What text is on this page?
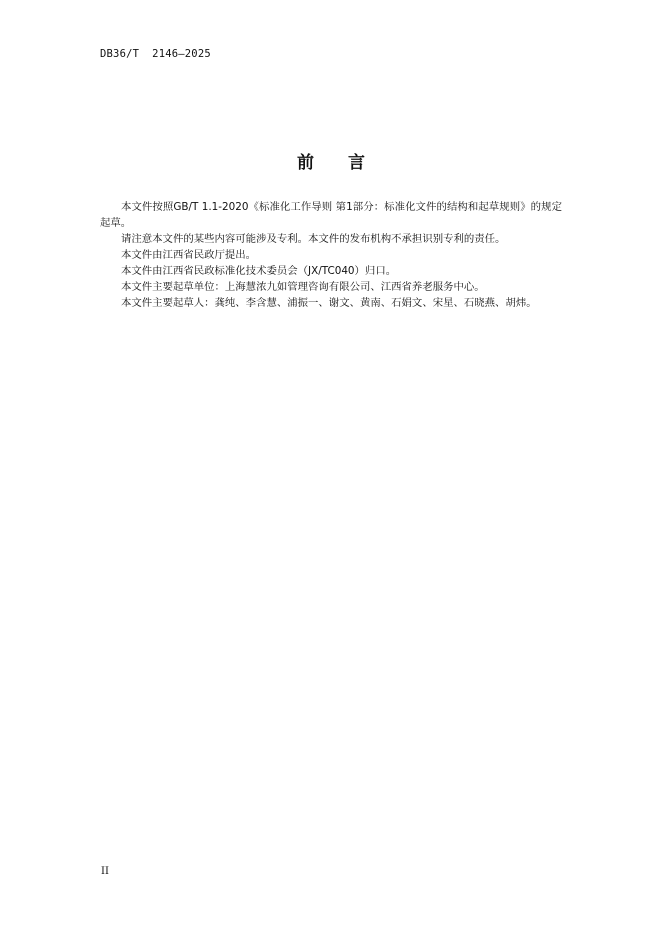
DB36/T  2146—2025
前 言

本文件按照GB/T 1.1-2020《标准化工作导则 第1部分：标准化文件的结构和起草规则》的规定起草。

请注意本文件的某些内容可能涉及专利。本文件的发布机构不承担识别专利的责任。

本文件由江西省民政厅提出。

本文件由江西省民政标准化技术委员会（JX/TC040）归口。

本文件主要起草单位：上海慧浓九如管理咨询有限公司、江西省养老服务中心。

本文件主要起草人：龚纯、李含慧、浦振一、谢文、黄南、石娟文、宋星、石晓燕、胡炜。

II
